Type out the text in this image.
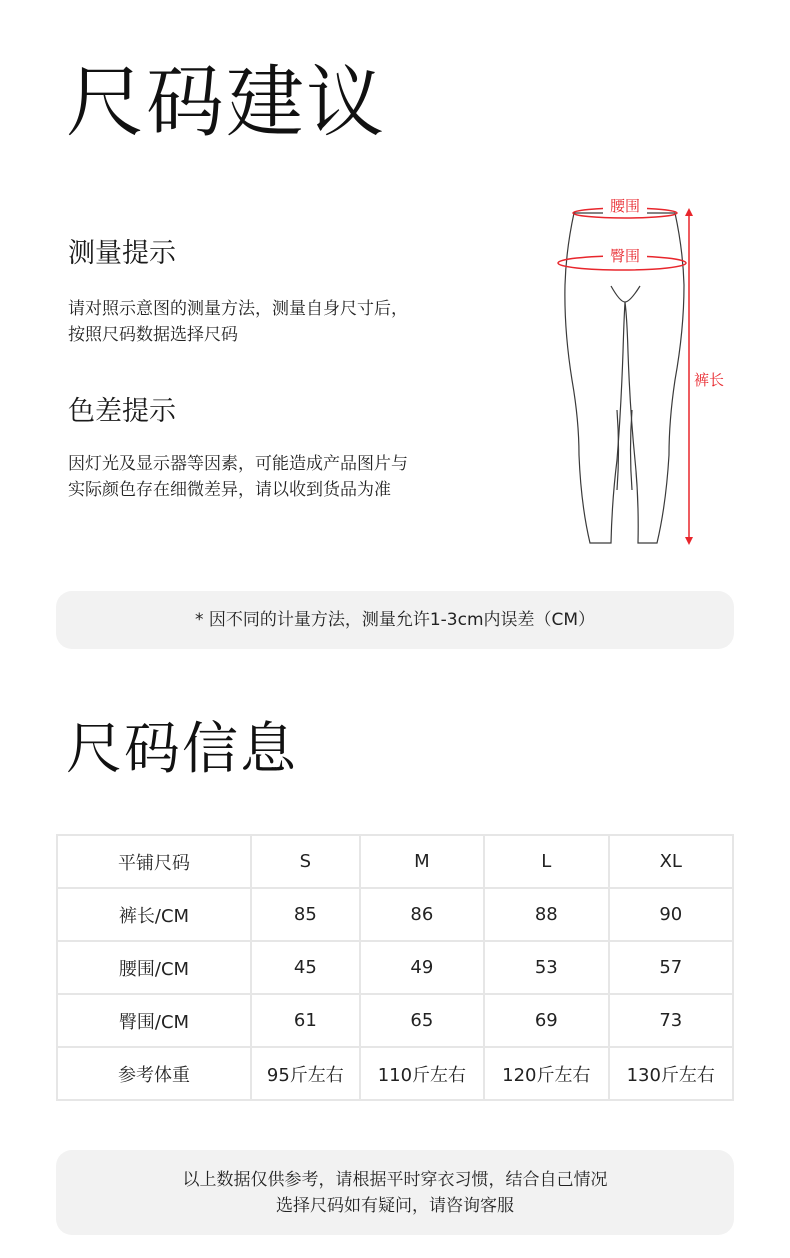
尺码建议
测量提示
请对照示意图的测量方法，测量自身尺寸后，
按照尺码数据选择尺码
色差提示
因灯光及显示器等因素，可能造成产品图片与
实际颜色存在细微差异，请以收到货品为准
腰围
臀围
裤长
* 因不同的计量方法，测量允许1-3cm内误差（CM）
尺码信息
平铺尺码	S	M	L	XL
裤长/CM	85	86	88	90
腰围/CM	45	49	53	57
臀围/CM	61	65	69	73
参考体重	95斤左右	110斤左右	120斤左右	130斤左右
以上数据仅供参考，请根据平时穿衣习惯，结合自己情况
选择尺码如有疑问，请咨询客服
